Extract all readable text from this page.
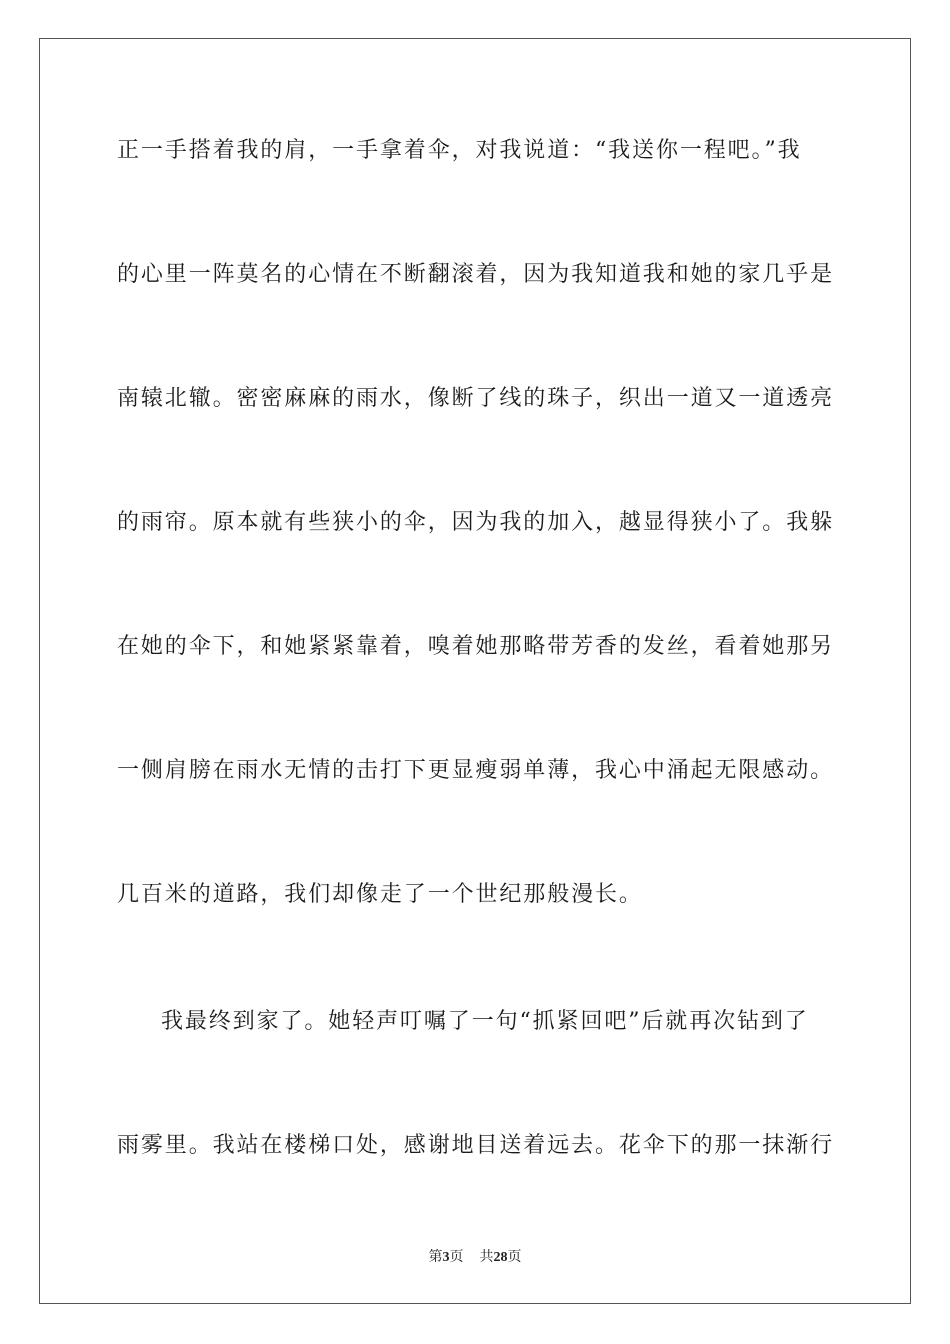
正一手搭着我的肩，一手拿着伞，对我说道：“我送你一程吧。”我
的心里一阵莫名的心情在不断翻滚着，因为我知道我和她的家几乎是
南辕北辙。密密麻麻的雨水，像断了线的珠子，织出一道又一道透亮
的雨帘。原本就有些狭小的伞，因为我的加入，越显得狭小了。我躲
在她的伞下，和她紧紧靠着，嗅着她那略带芳香的发丝，看着她那另
一侧肩膀在雨水无情的击打下更显瘦弱单薄，我心中涌起无限感动。
几百米的道路，我们却像走了一个世纪那般漫长。
我最终到家了。她轻声叮嘱了一句“抓紧回吧”后就再次钻到了
雨雾里。我站在楼梯口处，感谢地目送着远去。花伞下的那一抹渐行
第3页 共28页
